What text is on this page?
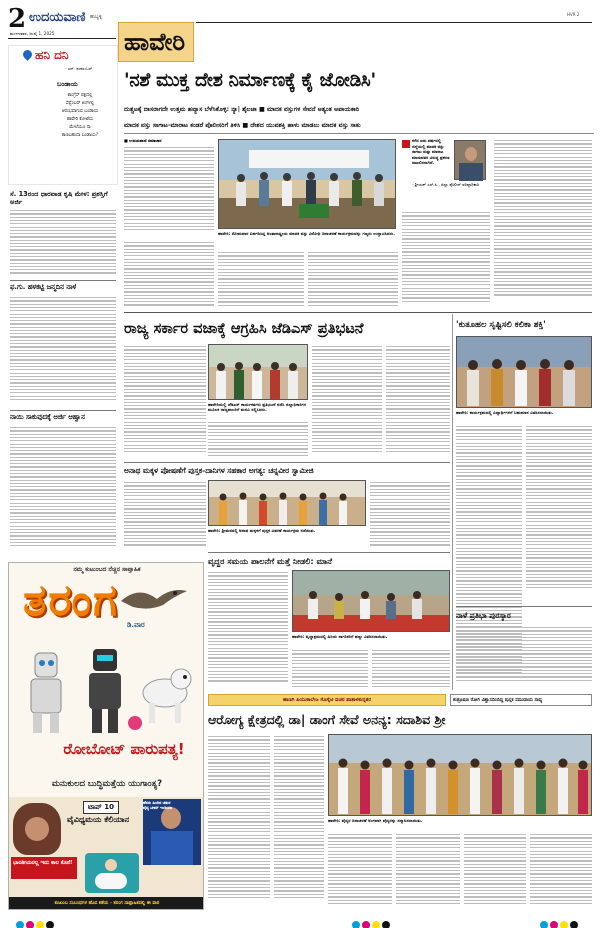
2 ಉದಯವಾಣಿ ಹುಬ್ಬಳ್ಳಿ
ಮಂಗಳವಾರ, ಜುಲೈ 1, 2025	ಹಾವೇರಿ
HVR 2
ಹನಿ ದನಿ
- ಎನ್. ಶಂಕರಂಬರ್
ಬಂಡಾಯ
ಕಾಂಗ್ರೆಸ್ ಪಕ್ಷದಲ್ಲಿ
ಸೆಪ್ಟೆಂಬರ್ ತಿಂಗಳಲ್ಲಿ
ಆರಂಭವಾಗುವ ಬಂಡಾಯ
ಹಾವೇರಿ ಕೋಟೆಯ
ಮೇಲೆಯೂ ನಾ
ಕಾಣಬಹುದಾ ಬಂಡಾಯ?
ಸೆ. 13ರಂದ ಧಾರವಾಡ ಕೃಷಿ ಮೇಳ: ಪ್ರಶಸ್ತಿಗೆ ಅರ್ಜಿ
ಫ.ಗು. ಹಳಕಟ್ಟಿ ಜನ್ಮದಿನ ನಾಳೆ
ನಾಯಿ ಸಾಕುವುದಕ್ಕೆ ಅರ್ಜಿ ಆಹ್ವಾನ
'ನಶೆ ಮುಕ್ತ ದೇಶ ನಿರ್ಮಾಣಕ್ಕೆ ಕೈ ಜೋಡಿಸಿ'
ದುಶ್ಚಟಕ್ಕೆ ದಾಸರಾಗದೇ ಉತ್ತಮ ಹವ್ಯಾಸ ಬೆಳೆಸಿಕೊಳ್ಳಿ: ನ್ಯಾ| ಶೈಲಜಾ ■ ಮಾದಕ ವಸ್ತುಗಳ ಸೇವನೆ ಅತ್ಯಂತ ಅಪಾಯಕಾರಿ
ಮಾದಕ ವಸ್ತು ಸಾಗಾಟ-ಮಾರಾಟ ಕಂಡರೆ ಪೊಲೀಸರಿಗೆ ತಿಳಿಸಿ ■ ದೇಶದ ಯುವಶಕ್ತಿ ಹಾಳು ಮಾಡಲು ಮಾದಕ ವಸ್ತು ಸಾಕು
■ ಉದಯವಾಣಿ ಸಮಾಚಾರ
ಹಾವೇರಿ: ಸೋಮವಾರ ಏರ್ಪಡಿಸಿದ್ದ ಅಂತಾರಾಷ್ಟ್ರೀಯ ಮಾದಕ ವಸ್ತು ವಿರೋಧಿ ದಿನಾಚರಣೆ ಕಾರ್ಯಕ್ರಮವನ್ನು ಗಣ್ಯರು ಉದ್ಘಾಟಿಸಿದರು.
ಕಳೆದ ಐದು ವರ್ಷದಲ್ಲಿ ಜಿಲ್ಲೆಯಲ್ಲಿ ಮಾದಕ ವಸ್ತು ಸಾಗಾಟ ಮತ್ತು ಮಾರಾಟ ಮಾಡುವವರ ವಿರುದ್ಧ ಪ್ರಕರಣ ದಾಖಲಿಸಲಾಗಿದೆ.
- ಶ್ರೀಯಶ್ ಎಸ್.ಪಿ., ಜಿಲ್ಲಾ ಪೊಲೀಸ್ ವರಿಷ್ಠಾಧಿಕಾರಿ
ರಾಜ್ಯ ಸರ್ಕಾರ ವಜಾಕ್ಕೆ ಆಗ್ರಹಿಸಿ ಜೆಡಿಎಸ್ ಪ್ರತಿಭಟನೆ
ಹಾವೇರಿಯಲ್ಲಿ ಜೆಡಿಎಸ್ ಕಾರ್ಯಕರ್ತರು ಪ್ರತಿಭಟನೆ ನಡೆಸಿ ಜಿಲ್ಲಾಧಿಕಾರಿಗಳ ಮೂಲಕ ರಾಜ್ಯಪಾಲರಿಗೆ ಮನವಿ ಸಲ್ಲಿಸಿದರು.
'ಕುತೂಹಲ ಸೃಷ್ಟಿಸಲಿ ಕಲಿಕಾ ಶಕ್ತಿ'
ಹಾವೇರಿ: ಕಾರ್ಯಕ್ರಮದಲ್ಲಿ ವಿದ್ಯಾರ್ಥಿಗಳಿಗೆ ಬಹುಮಾನ ವಿತರಿಸಲಾಯಿತು.
ಅನಾಥ ಮಕ್ಕಳ ಪೋಷಣೆಗೆ ಪುಸ್ತಕ-ದಾನಿಗಳ ಸಹಕಾರ ಅಗತ್ಯ: ಚನ್ನವೀರ ಸ್ವಾಮೀಜಿ
ಹಾವೇರಿ: ಶ್ರೀಮಠದಲ್ಲಿ ಅನಾಥ ಮಕ್ಕಳಿಗೆ ಪುಸ್ತಕ ವಿತರಣೆ ಕಾರ್ಯಕ್ರಮ ನಡೆಯಿತು.
ವೃದ್ಧರ ಸಮಯ ಪಾಲನೆಗೆ ಮತ್ತೆ ನೀಡಲಿ: ಮಾನೆ
ಹಾವೇರಿ: ವೃದ್ಧಾಶ್ರಮದಲ್ಲಿ ಹಿರಿಯ ನಾಗರಿಕರಿಗೆ ಹಣ್ಣು ವಿತರಿಸಲಾಯಿತು.
ನಾಳೆ ಪ್ರತಿಭಾ ಪುರಸ್ಕಾರ
ಹಾಣಗಿ ಪಿಯುಕಾಲೇಜ ಸೊಸೈಟಿ ವಚನ ಪಾತಾಳಕುನ್ನತರ	ಶುಶ್ರೂಷಣ ರೋಗಿ ವಿಶ್ವಾಸದಿಂದಿದ್ದ ಪುಸ್ತಕ ಸಮುದಾಯ ಸಾಧ್ಯ
ಆರೋಗ್ಯ ಕ್ಷೇತ್ರದಲ್ಲಿ ಡಾ| ಡಾಂಗೆ ಸೇವೆ ಅನನ್ಯ: ಸದಾಶಿವ ಶ್ರೀ
ಹಾವೇರಿ: ವೈದ್ಯರ ದಿನಾಚರಣೆ ಅಂಗವಾಗಿ ವೈದ್ಯರನ್ನು ಸನ್ಮಾನಿಸಲಾಯಿತು.
ನಮ್ಮ ಕುಟುಂಬದ ನೆಚ್ಚಿನ ಸಾಪ್ತಾಹಿಕ
ತರಂಗ ಡಿ.ವಾರ
ರೋಬೋಟ್ ಪಾರುಪತ್ಯ!
ಮನುಕುಲದ ಬುದ್ಧಿಮತ್ತೆಯ ಯುಗಾಂತ್ಯ?
ಟಾಪ್ 10
ವೈವಿಧ್ಯಮಯ ಕೆಲಿಯಾನ
ಹೆಸರು ಹಿಂದಿನ ಚತುರ ವೈದ್ಯ ಟೀಮ್ ಇಂಡಿಯಾ
ಭಾರತೀಯರಲ್ಲ ಇದು ಕಾಲ ಕೊನೆ!
ಕುಟುಂಬ ಸಂಬಂಧಗಳ ಹೊಸ ಕತೆಯ - ತರಂಗ ಸಾಪ್ತಾಹಿಕದಲ್ಲಿ ಈ ವಾರ
